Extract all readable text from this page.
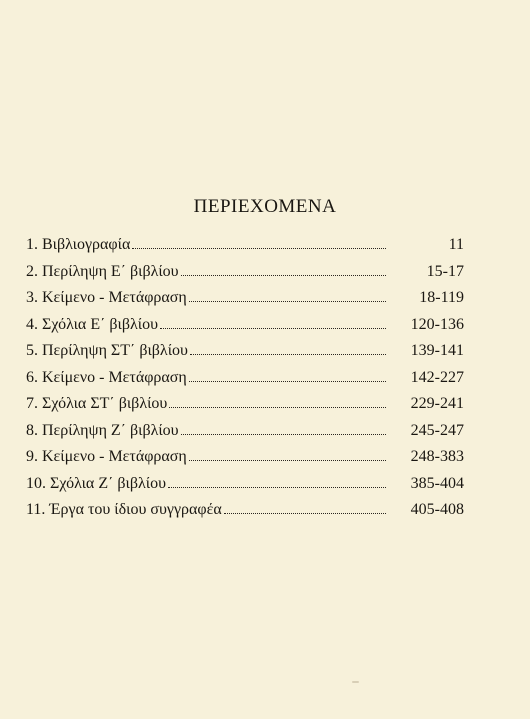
ΠΕΡΙΕΧΟΜΕΝΑ
1. Βιβλιογραφία	11
2. Περίληψη Ε΄ βιβλίου	15-17
3. Κείμενο - Μετάφραση	18-119
4. Σχόλια Ε΄ βιβλίου	120-136
5. Περίληψη ΣΤ΄ βιβλίου	139-141
6. Κείμενο - Μετάφραση	142-227
7. Σχόλια ΣΤ΄ βιβλίου	229-241
8. Περίληψη Ζ΄ βιβλίου	245-247
9. Κείμενο - Μετάφραση	248-383
10. Σχόλια Ζ΄ βιβλίου	385-404
11. Έργα του ίδιου συγγραφέα	405-408
